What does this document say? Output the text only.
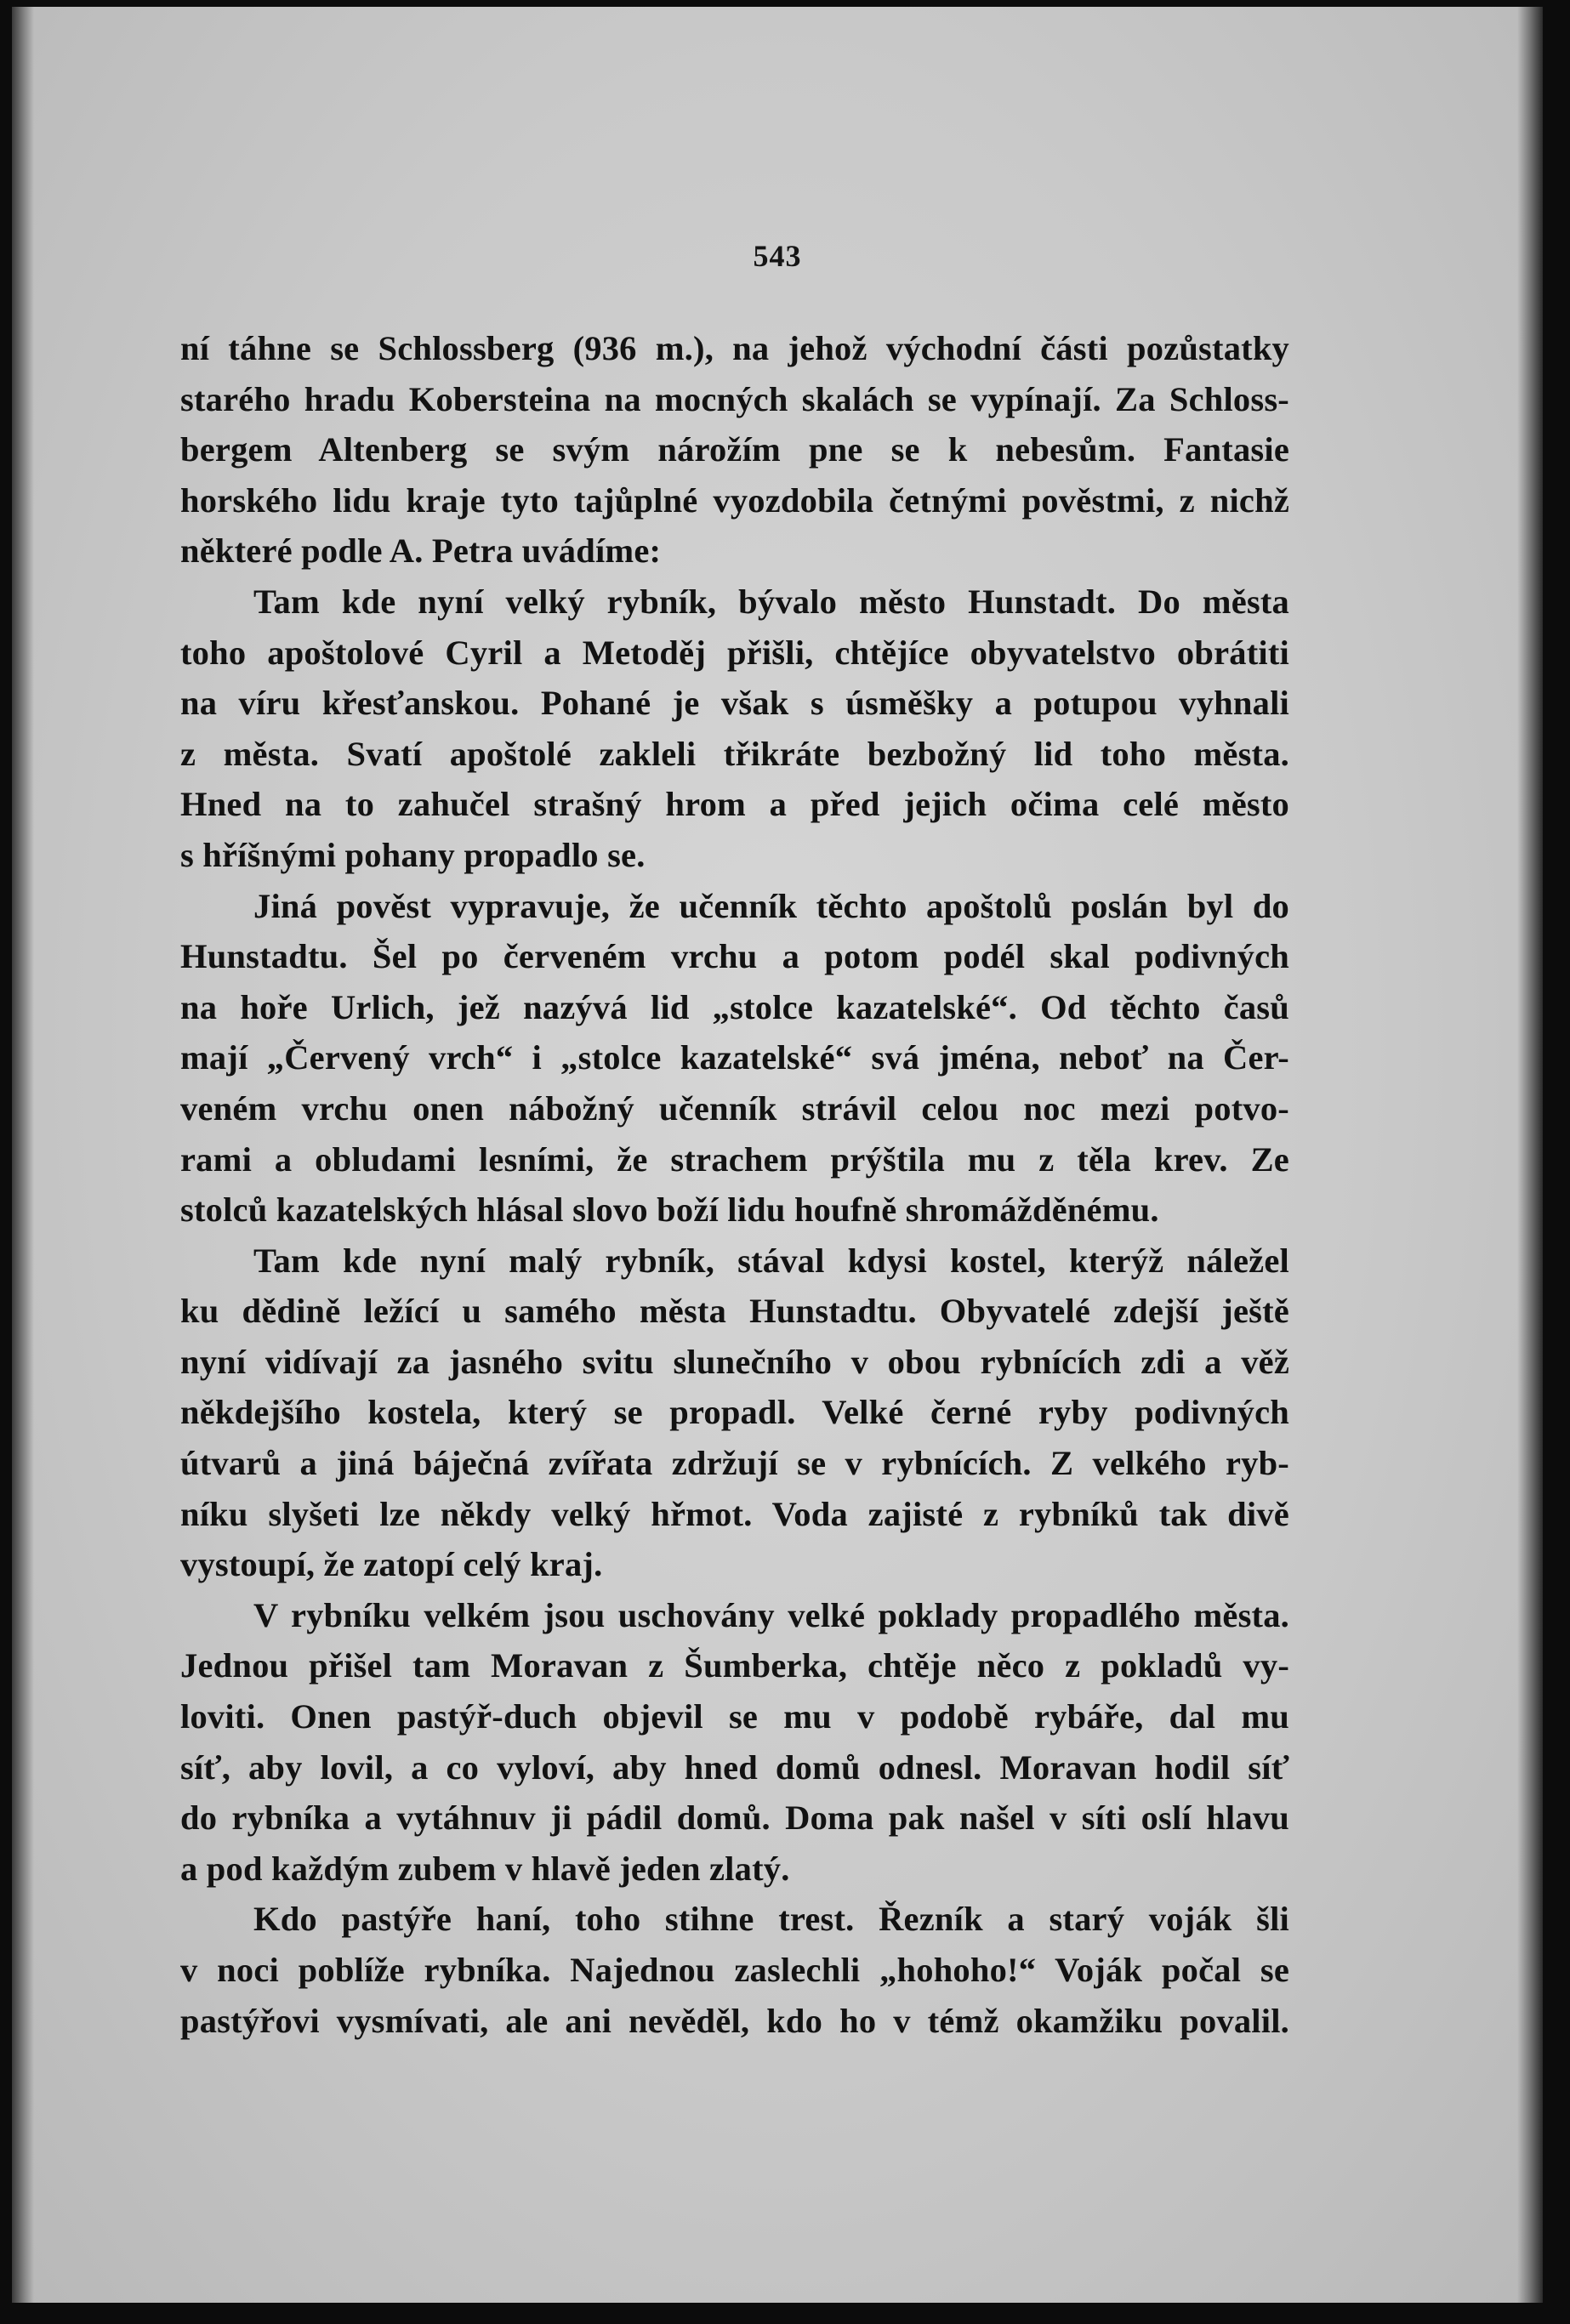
543
ní táhne se Schlossberg (936 m.), na jehož východní části pozůstatky
starého hradu Kobersteina na mocných skalách se vypínají. Za Schloss-
bergem Altenberg se svým nárožím pne se k nebesům. Fantasie
horského lidu kraje tyto tajůplné vyozdobila četnými pověstmi, z nichž
některé podle A. Petra uvádíme:
Tam kde nyní velký rybník, bývalo město Hunstadt. Do města
toho apoštolové Cyril a Metoděj přišli, chtějíce obyvatelstvo obrátiti
na víru křesťanskou. Pohané je však s úsměšky a potupou vyhnali
z města. Svatí apoštolé zakleli třikráte bezbožný lid toho města.
Hned na to zahučel strašný hrom a před jejich očima celé město
s hříšnými pohany propadlo se.
Jiná pověst vypravuje, že učenník těchto apoštolů poslán byl do
Hunstadtu. Šel po červeném vrchu a potom podél skal podivných
na hoře Urlich, jež nazývá lid „stolce kazatelské“. Od těchto časů
mají „Červený vrch“ i „stolce kazatelské“ svá jména, neboť na Čer-
veném vrchu onen nábožný učenník strávil celou noc mezi potvo-
rami a obludami lesními, že strachem prýštila mu z těla krev. Ze
stolců kazatelských hlásal slovo boží lidu houfně shromážděnému.
Tam kde nyní malý rybník, stával kdysi kostel, kterýž náležel
ku dědině ležící u samého města Hunstadtu. Obyvatelé zdejší ještě
nyní vidívají za jasného svitu slunečního v obou rybnících zdi a věž
někdejšího kostela, který se propadl. Velké černé ryby podivných
útvarů a jiná báječná zvířata zdržují se v rybnících. Z velkého ryb-
níku slyšeti lze někdy velký hřmot. Voda zajisté z rybníků tak divě
vystoupí, že zatopí celý kraj.
V rybníku velkém jsou uschovány velké poklady propadlého města.
Jednou přišel tam Moravan z Šumberka, chtěje něco z pokladů vy-
loviti. Onen pastýř-duch objevil se mu v podobě rybáře, dal mu
síť, aby lovil, a co vyloví, aby hned domů odnesl. Moravan hodil síť
do rybníka a vytáhnuv ji pádil domů. Doma pak našel v síti oslí hlavu
a pod každým zubem v hlavě jeden zlatý.
Kdo pastýře haní, toho stihne trest. Řezník a starý voják šli
v noci poblíže rybníka. Najednou zaslechli „hohoho!“ Voják počal se
pastýřovi vysmívati, ale ani nevěděl, kdo ho v témž okamžiku povalil.
